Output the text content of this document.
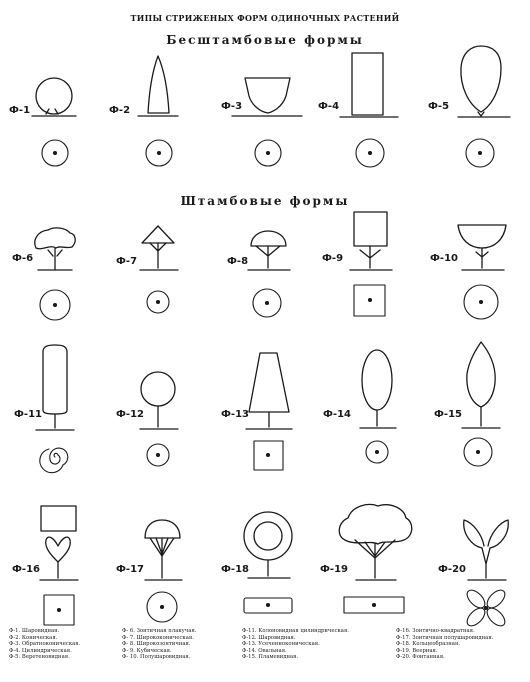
ТИПЫ СТРИЖЕНЫХ ФОРМ ОДИНОЧНЫХ РАСТЕНИЙ
Бесштамбовые формы
Штамбовые формы
Ф-1	Ф-2	Ф-3	Ф-4	Ф-5
Ф-6	Ф-7	Ф-8	Ф-9	Ф-10
Ф-11	Ф-12	Ф-13	Ф-14	Ф-15
Ф-16	Ф-17	Ф-18	Ф-19	Ф-20
Ф-1. Шаровидная.
Ф-2. Коническая.
Ф-3. Обратноконическая.
Ф-4. Цилиндрическая.
Ф-5. Веретеновидная.
Ф- 6. Зонтичная плакучая.
Ф- 7. Ширококоническая.
Ф- 8. Широкозонтичная.
Ф- 9. Кубическая.
Ф- 10. Полушаровидная.
Ф-11. Колоновидная цилиндрическая.
Ф-12. Шаровидная.
Ф-13. Усеченноконическая.
Ф-14. Овальная.
Ф-15. Пламевидная.
Ф-16. Зонтично-квадратная.
Ф-17. Зонтичная полушаровидная.
Ф-18. Кольцеобразная.
Ф-19. Веерная.
Ф-20. Фонтанная.
